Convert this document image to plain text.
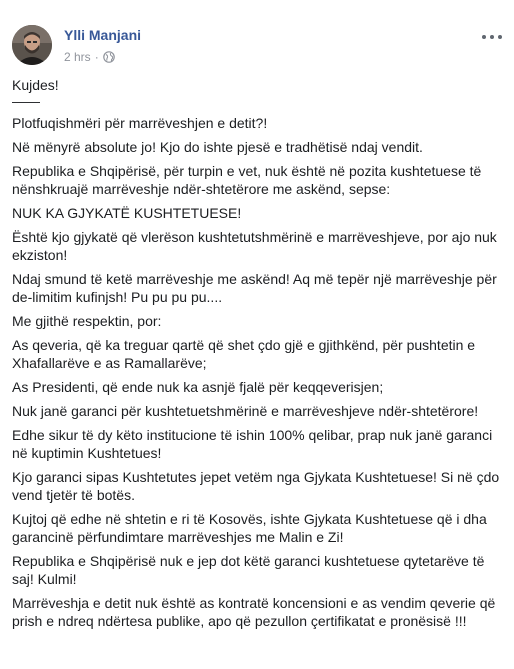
Ylli Manjani
2 hrs ·

Kujdes!

——

Plotfuqishmëri për marrëveshjen e detit?!

Në mënyrë absolute jo! Kjo do ishte pjesë e tradhëtisë ndaj vendit.

Republika e Shqipërisë, për turpin e vet, nuk është në pozita kushtetuese të nënshkruajë marrëveshje ndër-shtetërore me askënd, sepse:

NUK KA GJYKATË KUSHTETUESE!

Është kjo gjykatë që vlerëson kushtetutshmërinë e marrëveshjeve, por ajo nuk ekziston!

Ndaj smund të ketë marrëveshje me askënd! Aq më tepër një marrëveshje për de-limitim kufinjsh! Pu pu pu pu....

Me gjithë respektin, por:

As qeveria, që ka treguar qartë që shet çdo gjë e gjithkënd, për pushtetin e Xhafallarëve e as Ramallarëve;

As Presidenti, që ende nuk ka asnjë fjalë për keqqeverisjen;

Nuk janë garanci për kushtetuetshmërinë e marrëveshjeve ndër-shtetërore!

Edhe sikur të dy këto institucione të ishin 100% qelibar, prap nuk janë garanci në kuptimin Kushtetues!

Kjo garanci sipas Kushtetutes jepet vetëm nga Gjykata Kushtetuese! Si në çdo vend tjetër të botës.

Kujtoj që edhe në shtetin e ri të Kosovës, ishte Gjykata Kushtetuese që i dha garancinë përfundimtare marrëveshjes me Malin e Zi!

Republika e Shqipërisë nuk e jep dot këtë garanci kushtetuese qytetarëve të saj! Kulmi!

Marrëveshja e detit nuk është as kontratë koncensioni e as vendim qeverie që prish e ndreq ndërtesa publike, apo që pezullon çertifikatat e pronësisë !!!
